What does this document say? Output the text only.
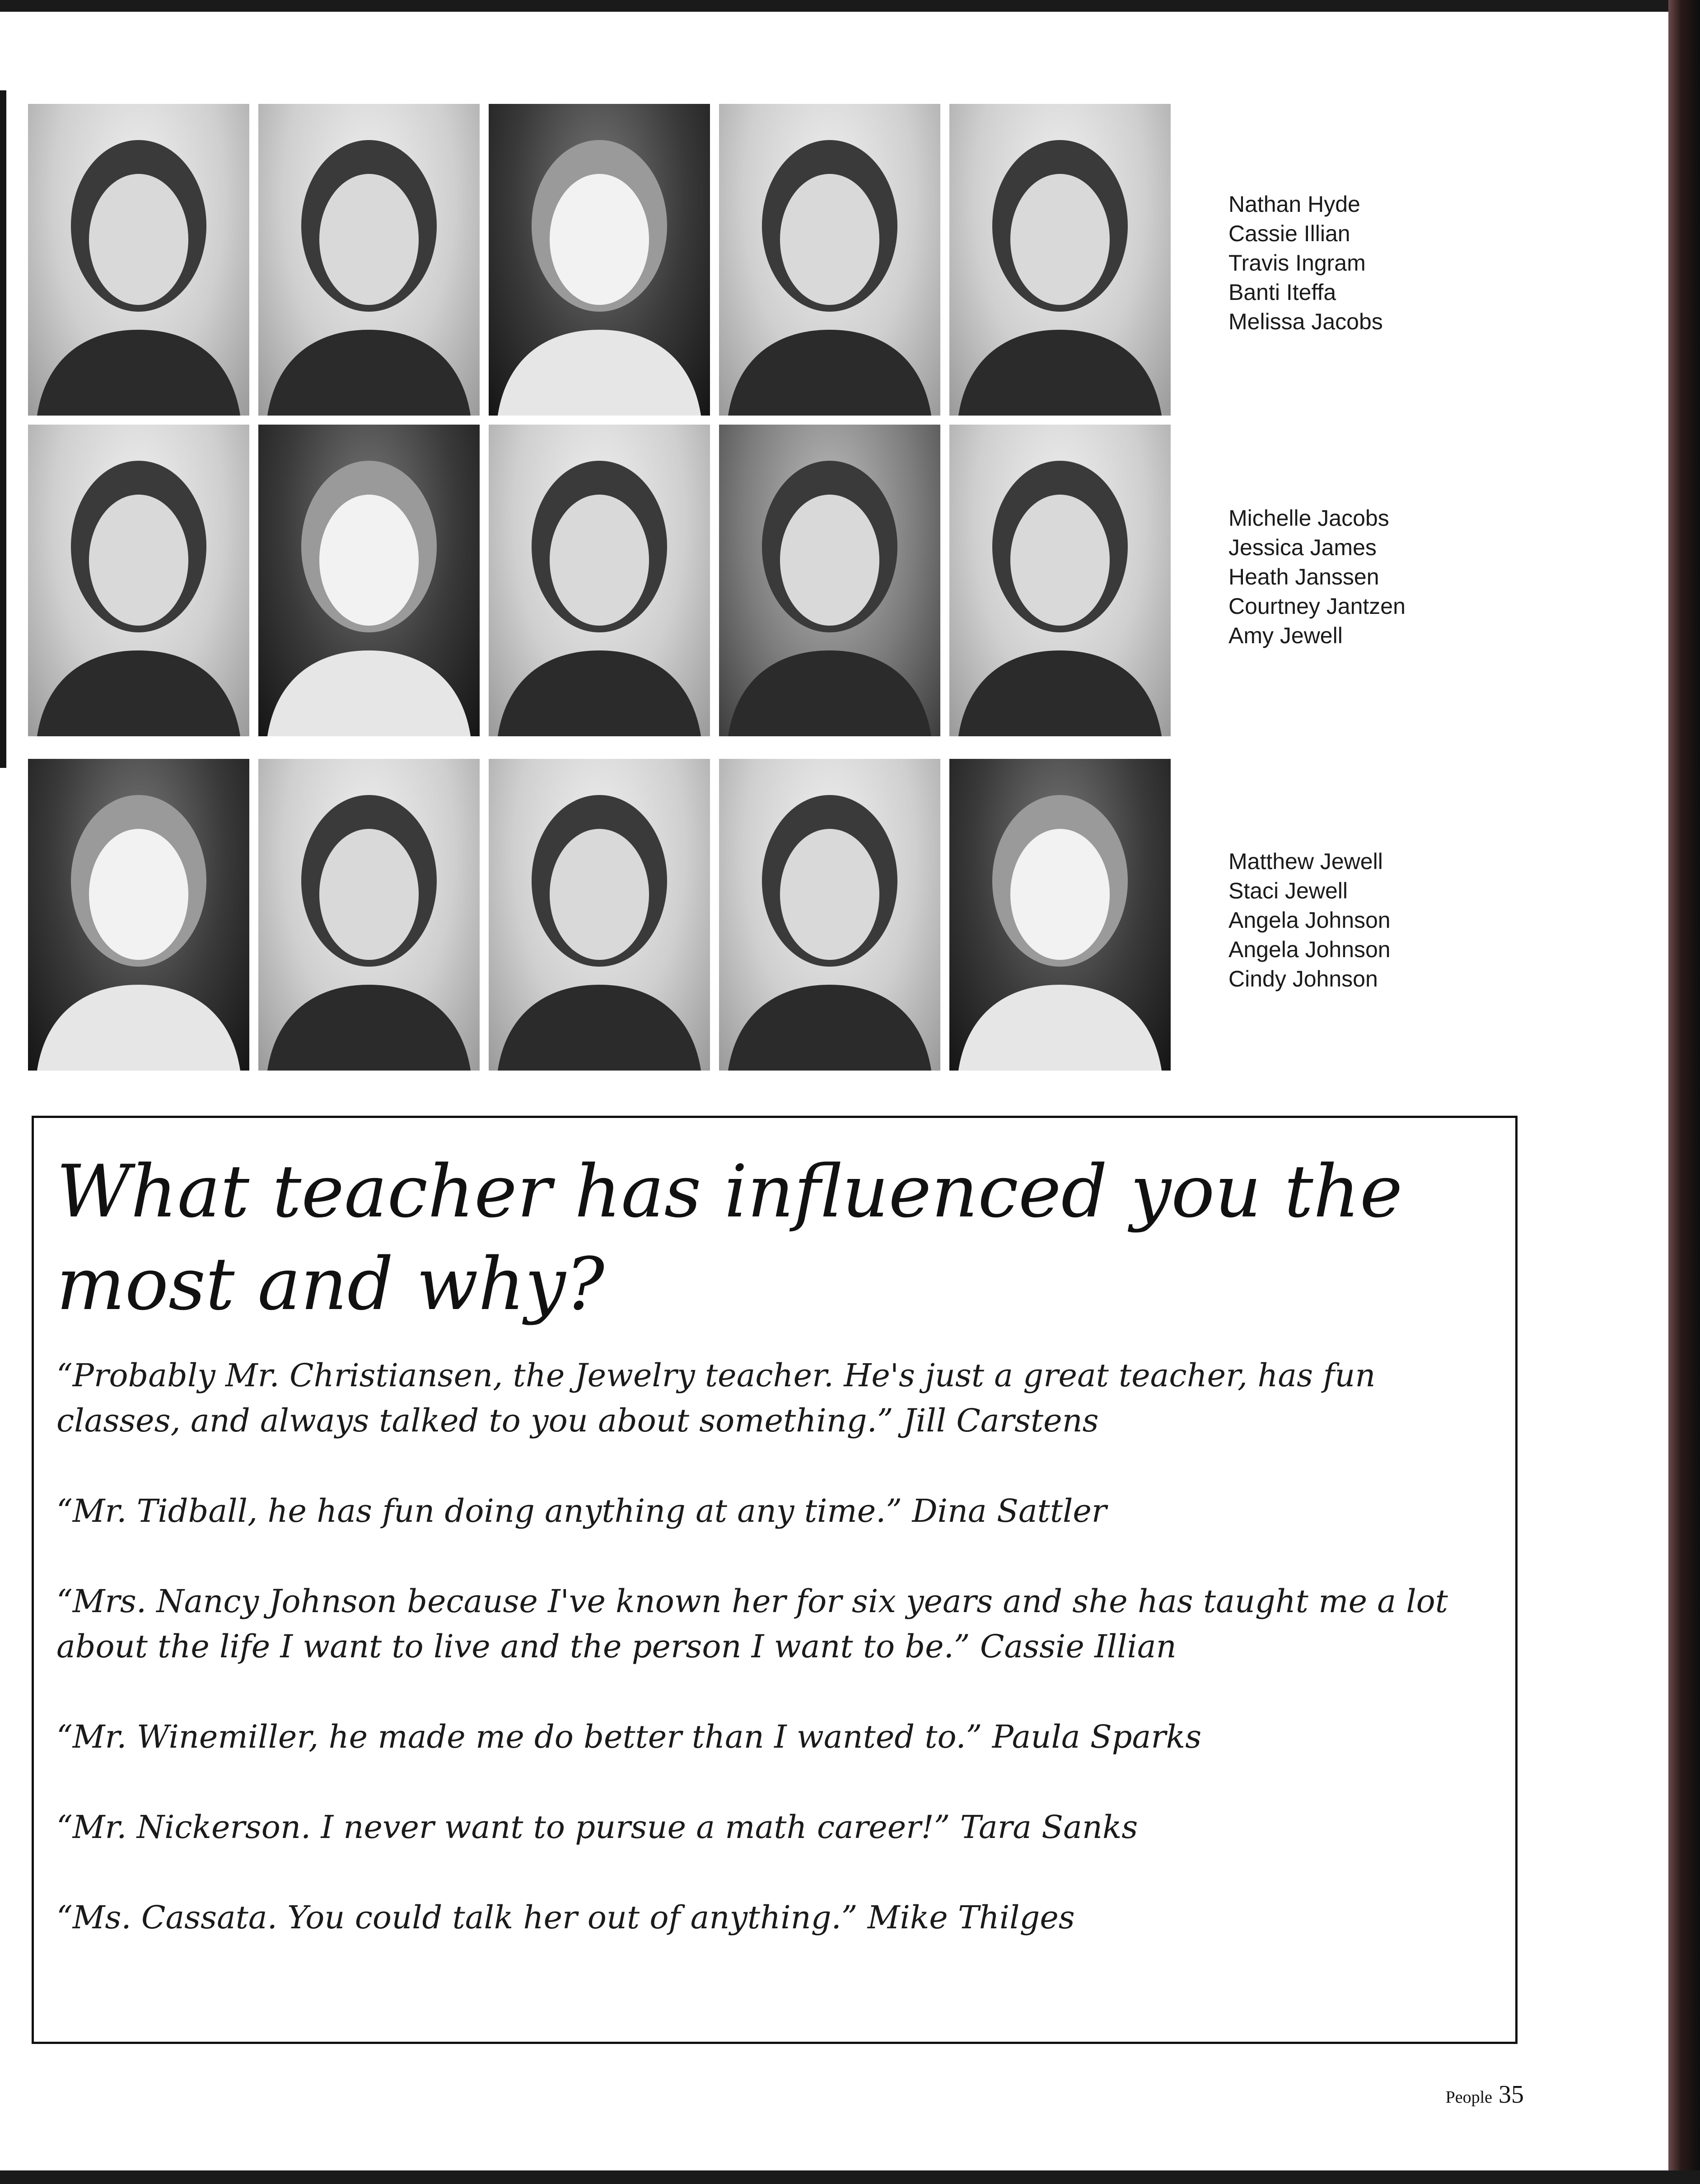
Nathan Hyde
Cassie Illian
Travis Ingram
Banti Iteffa
Melissa Jacobs
Michelle Jacobs
Jessica James
Heath Janssen
Courtney Jantzen
Amy Jewell
Matthew Jewell
Staci Jewell
Angela Johnson
Angela Johnson
Cindy Johnson
What teacher has influenced you the most and why?

“Probably Mr. Christiansen, the Jewelry teacher. He's just a great teacher, has fun classes, and always talked to you about something.” Jill Carstens

“Mr. Tidball, he has fun doing anything at any time.” Dina Sattler

“Mrs. Nancy Johnson because I've known her for six years and she has taught me a lot about the life I want to live and the person I want to be.” Cassie Illian

“Mr. Winemiller, he made me do better than I wanted to.” Paula Sparks

“Mr. Nickerson. I never want to pursue a math career!” Tara Sanks

“Ms. Cassata. You could talk her out of anything.” Mike Thilges

People 35
